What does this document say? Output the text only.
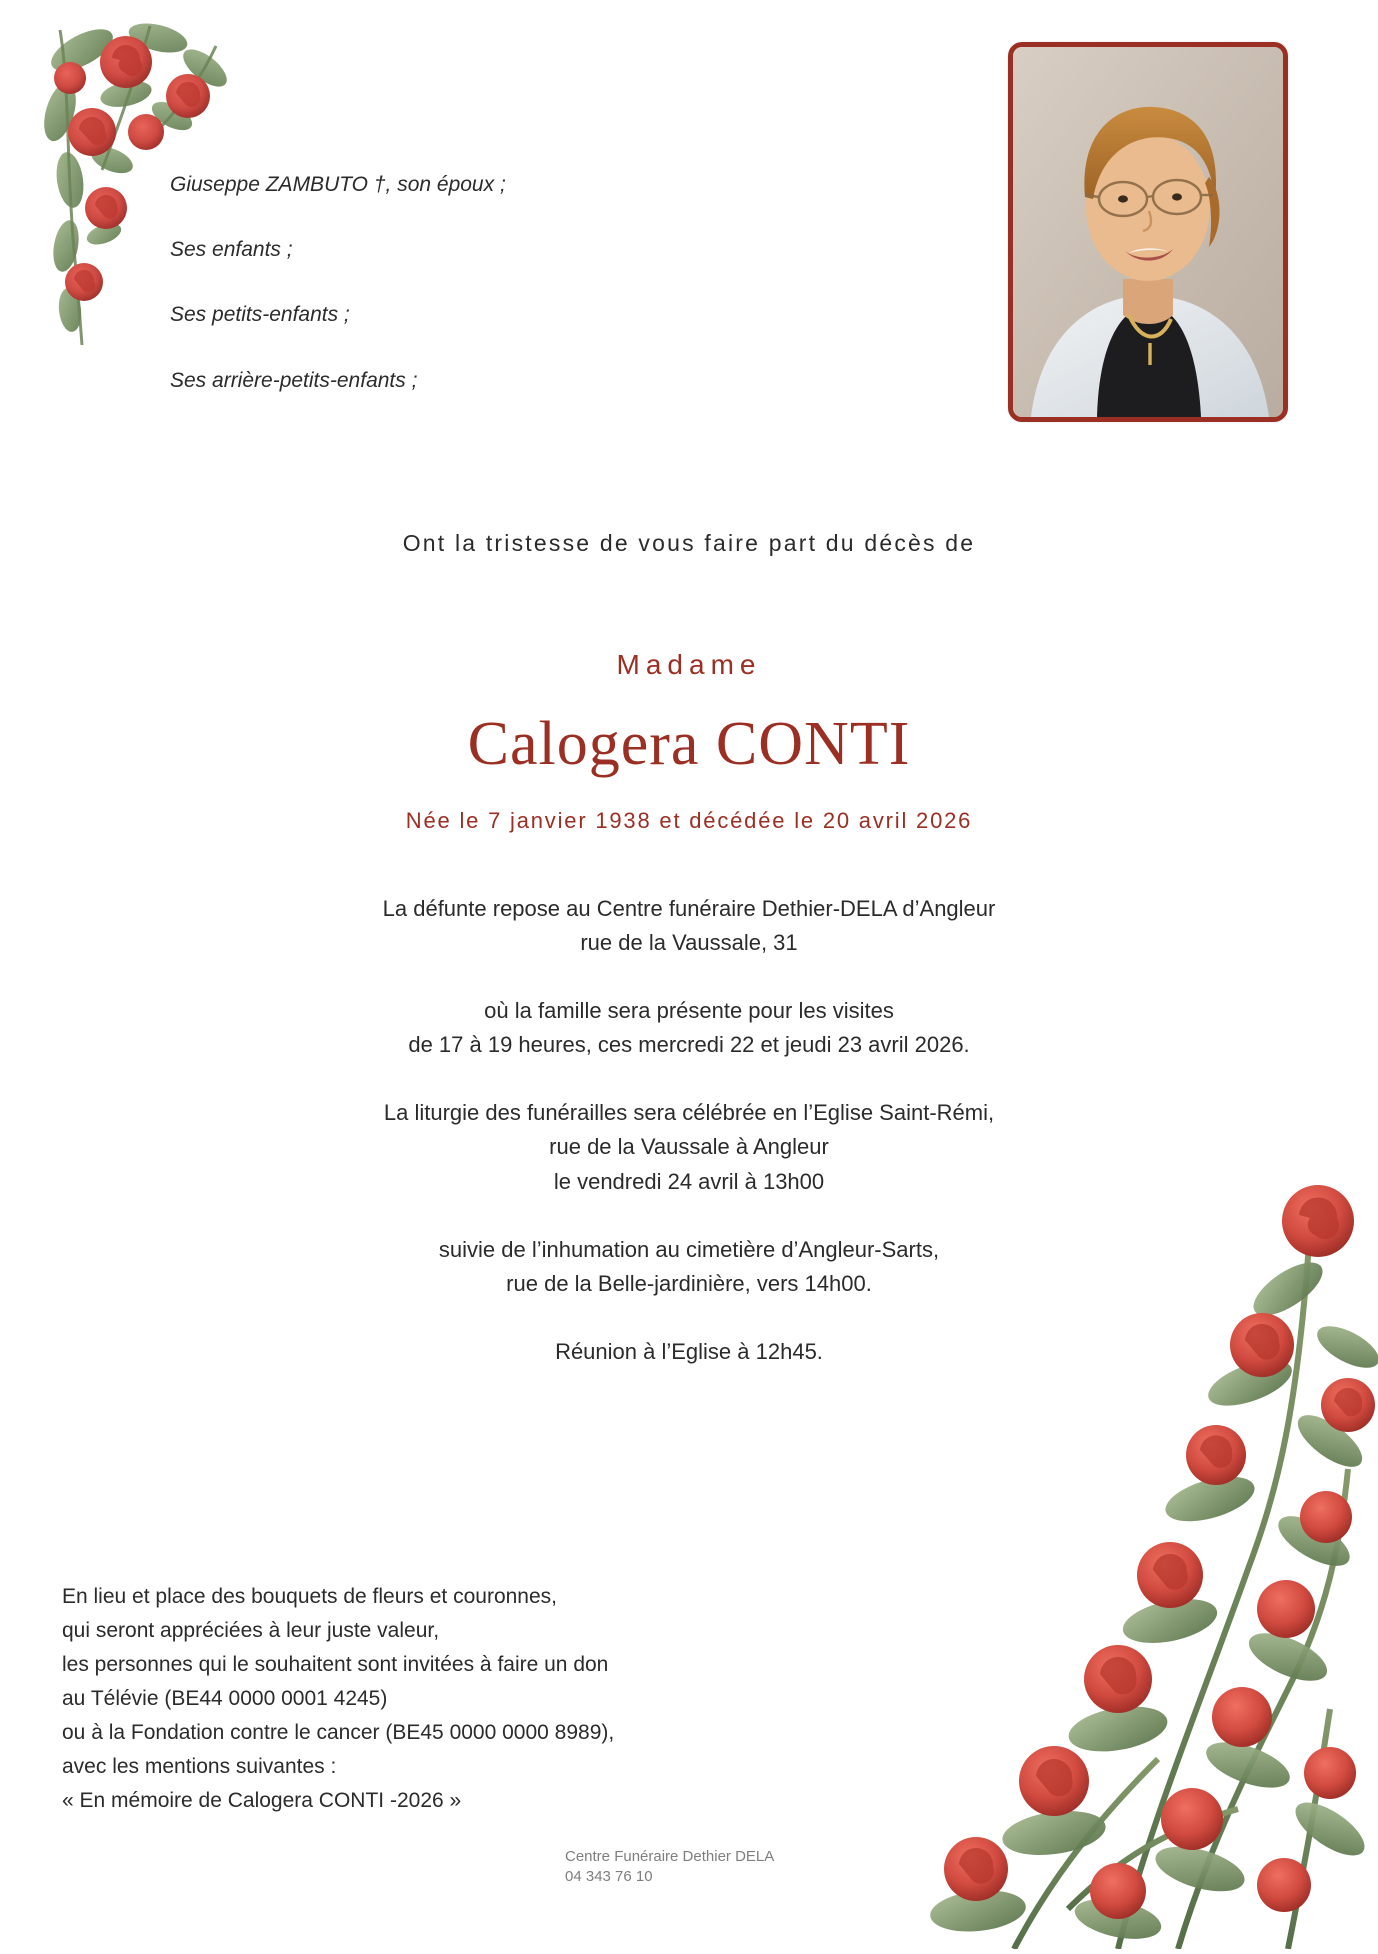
Giuseppe ZAMBUTO †, son époux ;
Ses enfants ;
Ses petits-enfants ;
Ses arrière-petits-enfants ;
Ont la tristesse de vous faire part du décès de
Madame
Calogera CONTI
Née le 7 janvier 1938 et décédée le 20 avril 2026
La défunte repose au Centre funéraire Dethier-DELA d’Angleur
rue de la Vaussale, 31
où la famille sera présente pour les visites
de 17 à 19 heures, ces mercredi 22 et jeudi 23 avril 2026.
La liturgie des funérailles sera célébrée en l’Eglise Saint-Rémi,
rue de la Vaussale à Angleur
le vendredi 24 avril à 13h00
suivie de l’inhumation au cimetière d’Angleur-Sarts,
rue de la Belle-jardinière, vers 14h00.
Réunion à l’Eglise à 12h45.
En lieu et place des bouquets de fleurs et couronnes,
qui seront appréciées à leur juste valeur,
les personnes qui le souhaitent sont invitées à faire un don
au Télévie (BE44 0000 0001 4245)
ou à la Fondation contre le cancer (BE45 0000 0000 8989),
avec les mentions suivantes :
« En mémoire de Calogera CONTI -2026 »
Centre Funéraire Dethier DELA
04 343 76 10
